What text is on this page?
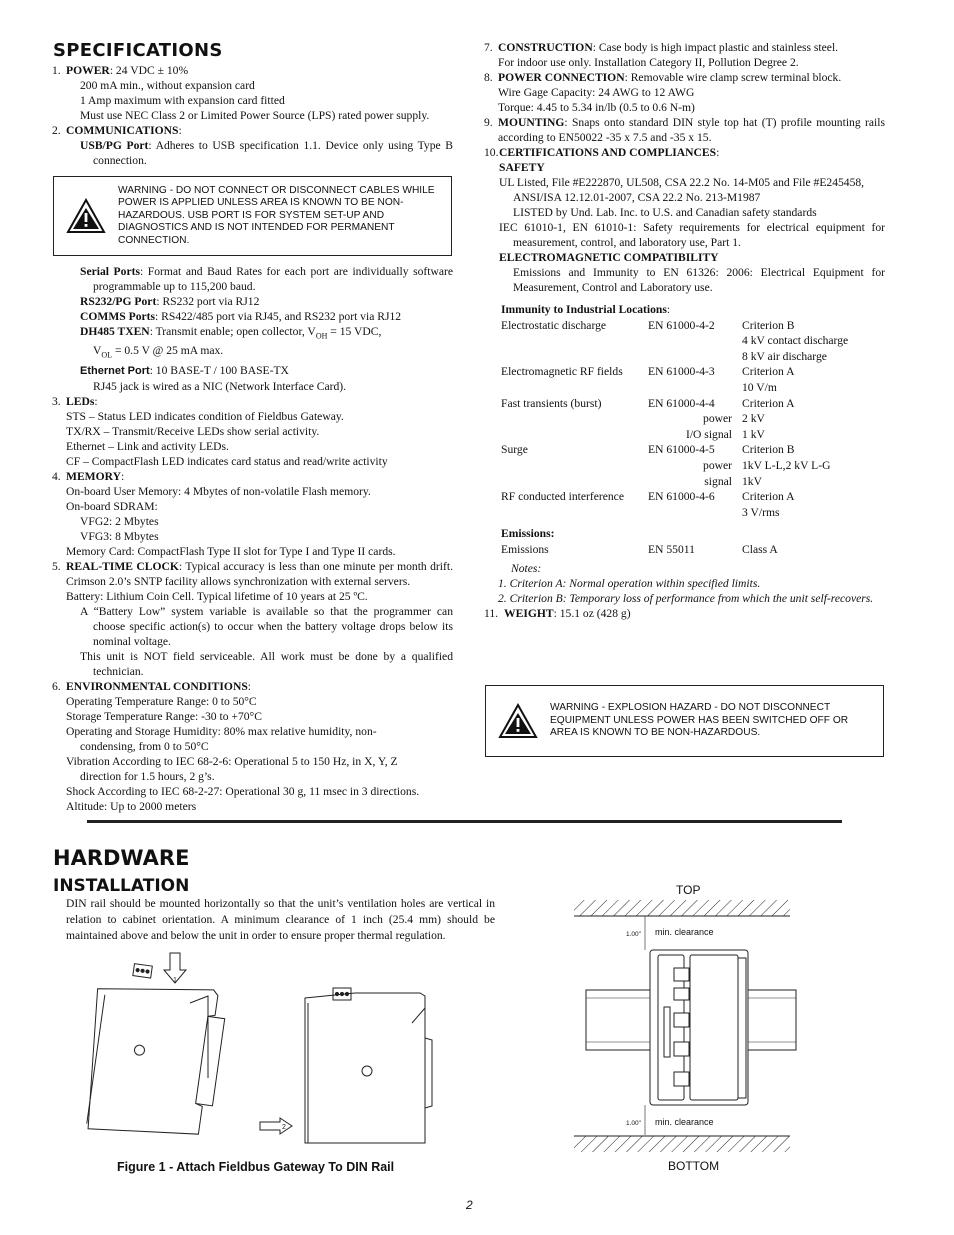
SPECIFICATIONS
1. POWER: 24 VDC ± 10%
200 mA min., without expansion card
1 Amp maximum with expansion card fitted
Must use NEC Class 2 or Limited Power Source (LPS) rated power supply.
2. COMMUNICATIONS:
USB/PG Port: Adheres to USB specification 1.1. Device only using Type B connection.
WARNING - DO NOT CONNECT OR DISCONNECT CABLES WHILE POWER IS APPLIED UNLESS AREA IS KNOWN TO BE NON-HAZARDOUS. USB PORT IS FOR SYSTEM SET-UP AND DIAGNOSTICS AND IS NOT INTENDED FOR PERMANENT CONNECTION.
Serial Ports: Format and Baud Rates for each port are individually software programmable up to 115,200 baud.
RS232/PG Port: RS232 port via RJ12
COMMS Ports: RS422/485 port via RJ45, and RS232 port via RJ12
DH485 TXEN: Transmit enable; open collector, $V_{OH} = 15$ VDC,
$V_{OL} = 0.5$ V @ 25 mA max.
Ethernet Port: 10 BASE-T / 100 BASE-TX
RJ45 jack is wired as a NIC (Network Interface Card).
3. LEDs:
STS – Status LED indicates condition of Fieldbus Gateway.
TX/RX – Transmit/Receive LEDs show serial activity.
Ethernet – Link and activity LEDs.
CF – CompactFlash LED indicates card status and read/write activity
4. MEMORY:
On-board User Memory: 4 Mbytes of non-volatile Flash memory.
On-board SDRAM:
VFG2: 2 Mbytes
VFG3: 8 Mbytes
Memory Card: CompactFlash Type II slot for Type I and Type II cards.
5. REAL-TIME CLOCK: Typical accuracy is less than one minute per month drift. Crimson 2.0’s SNTP facility allows synchronization with external servers.
Battery: Lithium Coin Cell. Typical lifetime of 10 years at 25 ºC.
A “Battery Low” system variable is available so that the programmer can choose specific action(s) to occur when the battery voltage drops below its nominal voltage.
This unit is NOT field serviceable. All work must be done by a qualified technician.
6. ENVIRONMENTAL CONDITIONS:
Operating Temperature Range: 0 to 50°C
Storage Temperature Range: -30 to +70°C
Operating and Storage Humidity: 80% max relative humidity, non-condensing, from 0 to 50°C
Vibration According to IEC 68-2-6: Operational 5 to 150 Hz, in X, Y, Z direction for 1.5 hours, 2 g’s.
Shock According to IEC 68-2-27: Operational 30 g, 11 msec in 3 directions.
Altitude: Up to 2000 meters
7. CONSTRUCTION: Case body is high impact plastic and stainless steel.
For indoor use only. Installation Category II, Pollution Degree 2.
8. POWER CONNECTION: Removable wire clamp screw terminal block.
Wire Gage Capacity: 24 AWG to 12 AWG
Torque: 4.45 to 5.34 in/lb (0.5 to 0.6 N-m)
9. MOUNTING: Snaps onto standard DIN style top hat (T) profile mounting rails according to EN50022 -35 x 7.5 and -35 x 15.
10. CERTIFICATIONS AND COMPLIANCES:
SAFETY
UL Listed, File #E222870, UL508, CSA 22.2 No. 14-M05 and File #E245458, ANSI/ISA 12.12.01-2007, CSA 22.2 No. 213-M1987
LISTED by Und. Lab. Inc. to U.S. and Canadian safety standards
IEC 61010-1, EN 61010-1: Safety requirements for electrical equipment for measurement, control, and laboratory use, Part 1.
ELECTROMAGNETIC COMPATIBILITY
Emissions and Immunity to EN 61326: 2006: Electrical Equipment for Measurement, Control and Laboratory use.
Immunity to Industrial Locations:
Electrostatic discharge	EN 61000-4-2	Criterion B
		4 kV contact discharge
		8 kV air discharge
Electromagnetic RF fields	EN 61000-4-3	Criterion A
		10 V/m
Fast transients (burst)	EN 61000-4-4	Criterion A
	power	2 kV
	I/O signal	1 kV
Surge	EN 61000-4-5	Criterion B
	power	1kV L-L,2 kV L-G
	signal	1kV
RF conducted interference	EN 61000-4-6	Criterion A
		3 V/rms
Emissions:
Emissions	EN 55011	Class A
Notes:
1. Criterion A: Normal operation within specified limits.
2. Criterion B: Temporary loss of performance from which the unit self-recovers.
11. WEIGHT: 15.1 oz (428 g)
WARNING - EXPLOSION HAZARD - DO NOT DISCONNECT EQUIPMENT UNLESS POWER HAS BEEN SWITCHED OFF OR AREA IS KNOWN TO BE NON-HAZARDOUS.
HARDWARE
INSTALLATION
DIN rail should be mounted horizontally so that the unit’s ventilation holes are vertical in relation to cabinet orientation. A minimum clearance of 1 inch (25.4 mm) should be maintained above and below the unit in order to ensure proper thermal regulation.
1
2
Figure 1 - Attach Fieldbus Gateway To DIN Rail
TOP
1.00" min. clearance
1.00" min. clearance
BOTTOM
2
